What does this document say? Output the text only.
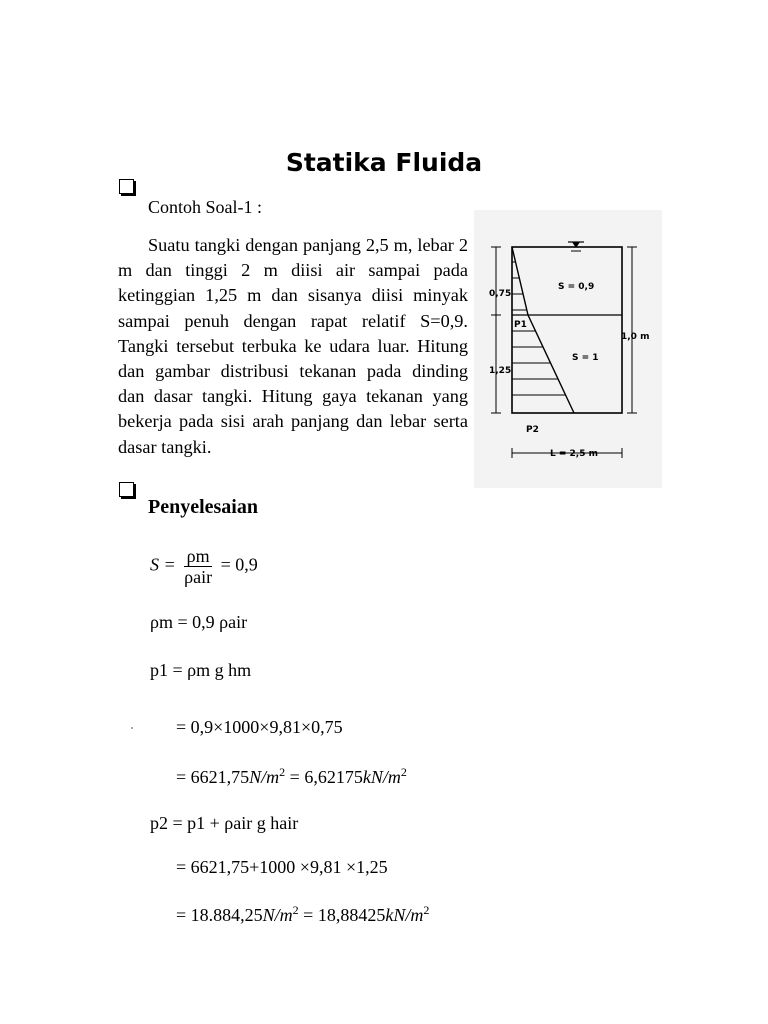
Statika Fluida
Contoh Soal-1 :

Suatu tangki dengan panjang 2,5 m, lebar 2 m dan tinggi 2 m diisi air sampai pada ketinggian 1,25 m dan sisanya diisi minyak sampai penuh dengan rapat relatif S=0,9. Tangki tersebut terbuka ke udara luar. Hitung dan gambar distribusi tekanan pada dinding dan dasar tangki. Hitung gaya tekanan yang bekerja pada sisi arah panjang dan lebar serta dasar tangki.

0,75
1,25
S = 0,9
S = 1
1,0 m
P1
P2
L = 2,5 m
Penyelesaian
$S = \frac{\rho m}{\text{ρair}} = 0,9$
ρm = 0,9 ρair
p1 = ρm g hm
= 0,9×1000×9,81×0,75
= $6621,75N/m^2 = 6,62175kN/m^2$
p2 = p1 + ρair g hair
= 6621,75+1000 ×9,81 ×1,25
= $18.884,25N/m^2 = 18,88425kN/m^2$
